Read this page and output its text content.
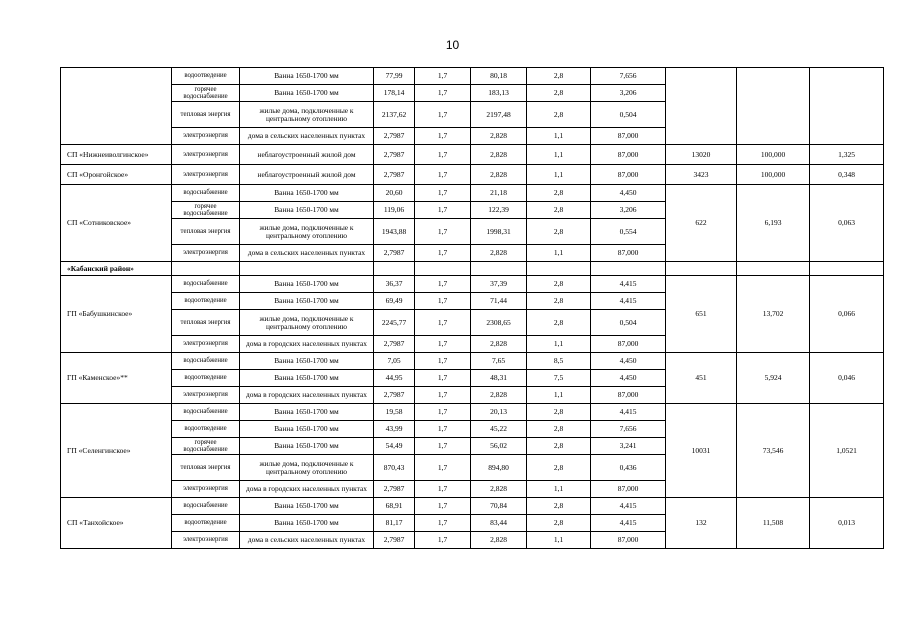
10
	водоотведение	Ванна 1650-1700 мм	77,99	1,7	80,18	2,8	7,656			
	горячее водоснабжение	Ванна 1650-1700 мм	178,14	1,7	183,13	2,8	3,206			
	тепловая энергия	жилые дома, подключенные к центральному отоплению	2137,62	1,7	2197,48	2,8	0,504			
	электроэнергия	дома в сельских населенных пунктах	2,7987	1,7	2,828	1,1	87,000			
СП «Нижнеиволгинское»	электроэнергия	неблагоустроенный жилой дом	2,7987	1,7	2,828	1,1	87,000	13020	100,000	1,325
СП «Оронгойское»	электроэнергия	неблагоустроенный жилой дом	2,7987	1,7	2,828	1,1	87,000	3423	100,000	0,348
СП «Сотниковское»	водоснабжение	Ванна 1650-1700 мм	20,60	1,7	21,18	2,8	4,450	622	6,193	0,063
	горячее водоснабжение	Ванна 1650-1700 мм	119,06	1,7	122,39	2,8	3,206			
	тепловая энергия	жилые дома, подключенные к центральному отоплению	1943,88	1,7	1998,31	2,8	0,554			
	электроэнергия	дома в сельских населенных пунктах	2,7987	1,7	2,828	1,1	87,000			
«Кабанский район»										
ГП «Бабушкинское»	водоснабжение	Ванна 1650-1700 мм	36,37	1,7	37,39	2,8	4,415	651	13,702	0,066
	водоотведение	Ванна 1650-1700 мм	69,49	1,7	71,44	2,8	4,415			
	тепловая энергия	жилые дома, подключенные к центральному отоплению	2245,77	1,7	2308,65	2,8	0,504			
	электроэнергия	дома в городских населенных пунктах	2,7987	1,7	2,828	1,1	87,000			
ГП «Каменское»**	водоснабжение	Ванна 1650-1700 мм	7,05	1,7	7,65	8,5	4,450	451	5,924	0,046
	водоотведение	Ванна 1650-1700 мм	44,95	1,7	48,31	7,5	4,450			
	электроэнергия	дома в городских населенных пунктах	2,7987	1,7	2,828	1,1	87,000			
ГП «Селенгинское»	водоснабжение	Ванна 1650-1700 мм	19,58	1,7	20,13	2,8	4,415	10031	73,546	1,0521
	водоотведение	Ванна 1650-1700 мм	43,99	1,7	45,22	2,8	7,656			
	горячее водоснабжение	Ванна 1650-1700 мм	54,49	1,7	56,02	2,8	3,241			
	тепловая энергия	жилые дома, подключенные к центральному отоплению	870,43	1,7	894,80	2,8	0,436			
	электроэнергия	дома в городских населенных пунктах	2,7987	1,7	2,828	1,1	87,000			
СП «Танхойское»	водоснабжение	Ванна 1650-1700 мм	68,91	1,7	70,84	2,8	4,415	132	11,508	0,013
	водоотведение	Ванна 1650-1700 мм	81,17	1,7	83,44	2,8	4,415			
	электроэнергия	дома в сельских населенных пунктах	2,7987	1,7	2,828	1,1	87,000			
